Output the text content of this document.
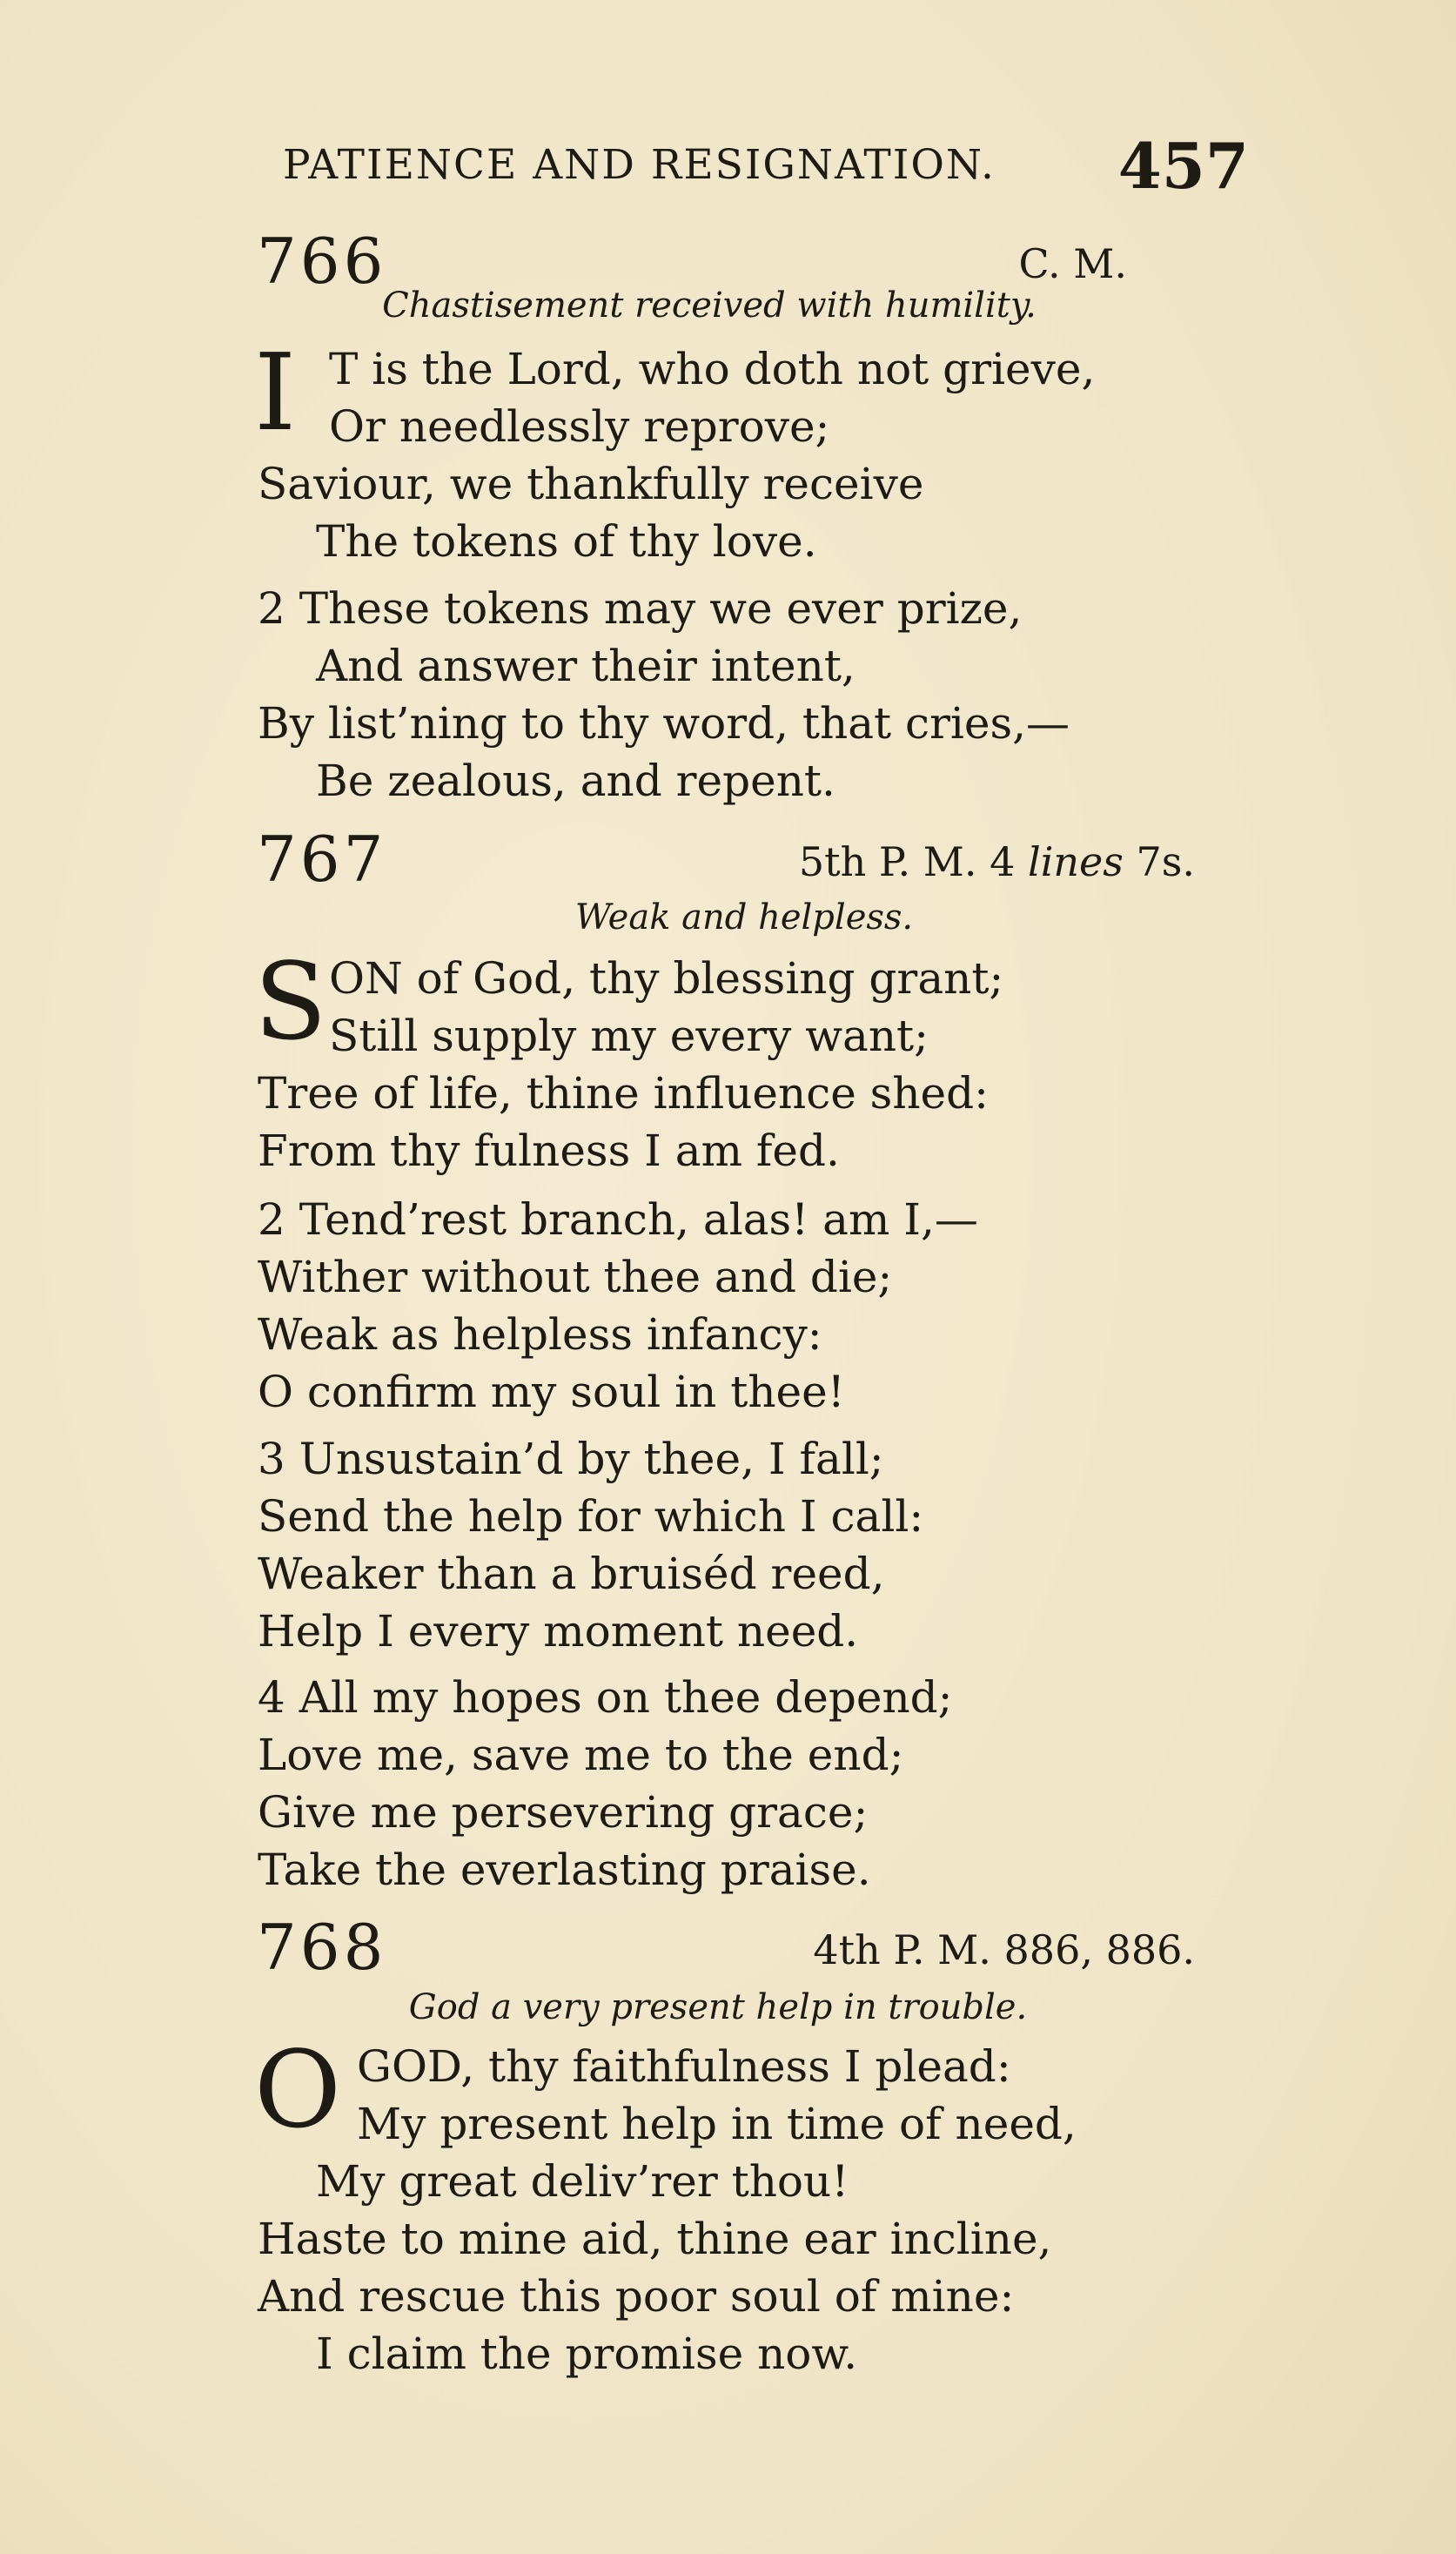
PATIENCE AND RESIGNATION. 457
766	C. M.
Chastisement received with humility.
I T is the Lord, who doth not grieve,
Or needlessly reprove;
Saviour, we thankfully receive
The tokens of thy love.
2 These tokens may we ever prize,
And answer their intent,
By list’ning to thy word, that cries,—
Be zealous, and repent.
767	5th P. M. 4 lines 7s.
Weak and helpless.
S ON of God, thy blessing grant;
Still supply my every want;
Tree of life, thine influence shed:
From thy fulness I am fed.
2 Tend’rest branch, alas! am I,—
Wither without thee and die;
Weak as helpless infancy:
O confirm my soul in thee!
3 Unsustain’d by thee, I fall;
Send the help for which I call:
Weaker than a bruiséd reed,
Help I every moment need.
4 All my hopes on thee depend;
Love me, save me to the end;
Give me persevering grace;
Take the everlasting praise.
768	4th P. M. 886, 886.
God a very present help in trouble.
O GOD, thy faithfulness I plead:
My present help in time of need,
My great deliv’rer thou!
Haste to mine aid, thine ear incline,
And rescue this poor soul of mine:
I claim the promise now.
